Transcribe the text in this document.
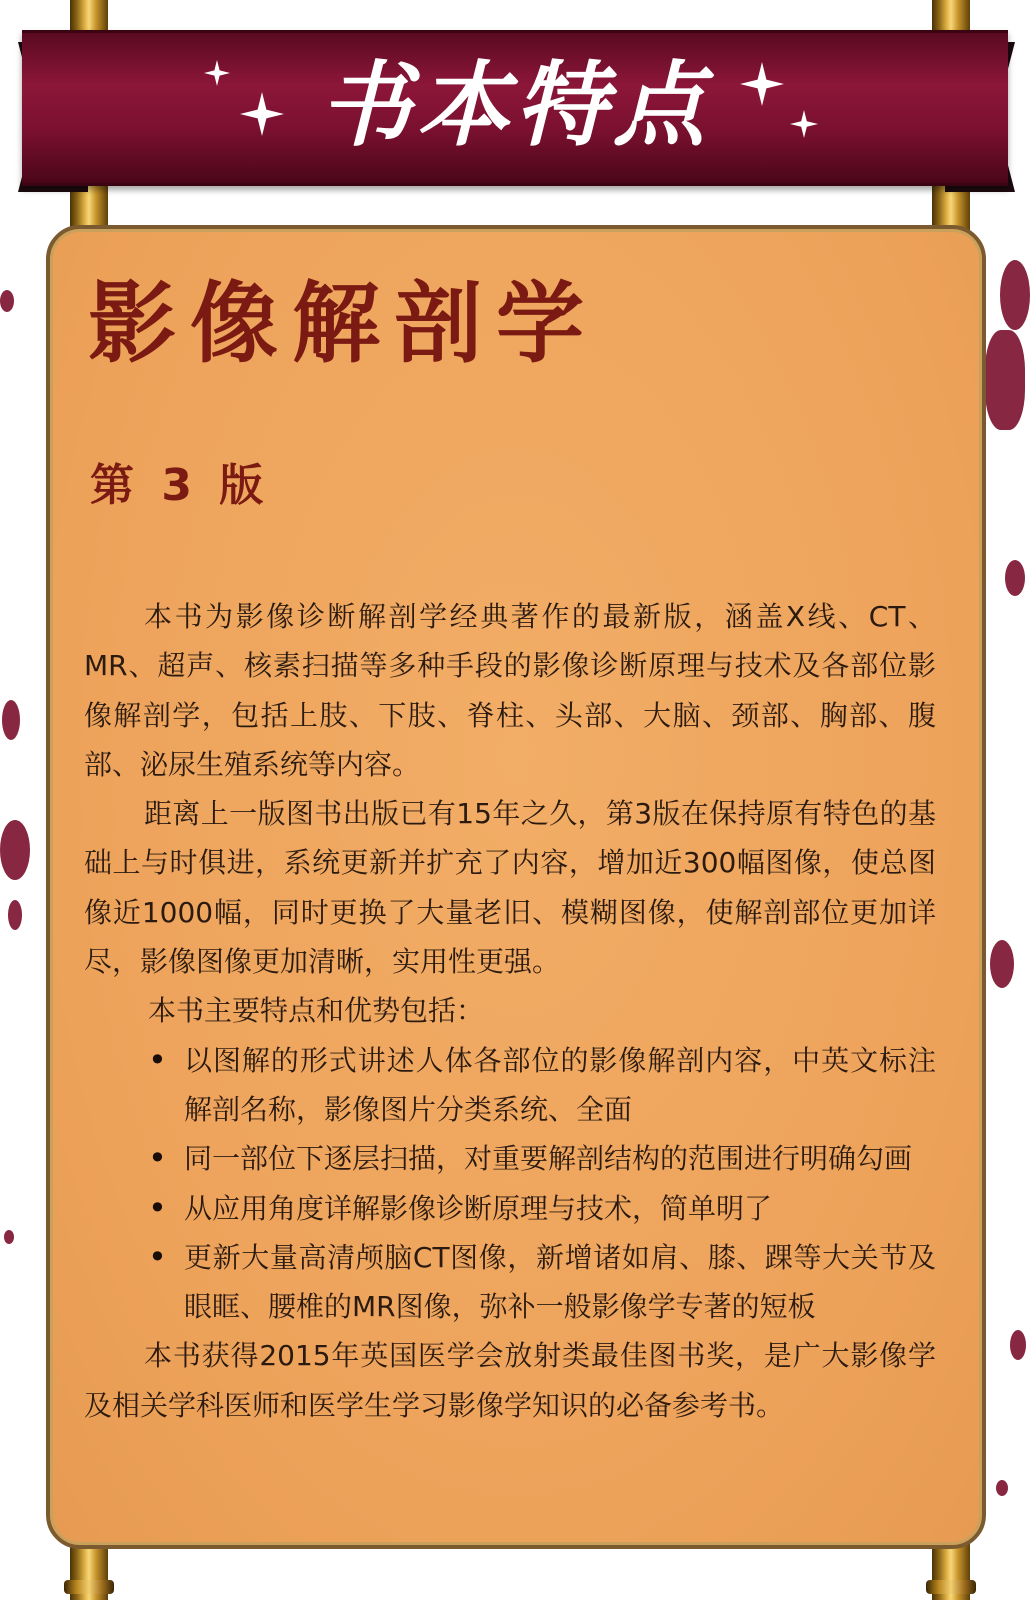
书本特点
影像解剖学
第 3 版

本书为影像诊断解剖学经典著作的最新版，涵盖X线、CT、MR、超声、核素扫描等多种手段的影像诊断原理与技术及各部位影像解剖学，包括上肢、下肢、脊柱、头部、大脑、颈部、胸部、腹部、泌尿生殖系统等内容。

距离上一版图书出版已有15年之久，第3版在保持原有特色的基础上与时俱进，系统更新并扩充了内容，增加近300幅图像，使总图像近1000幅，同时更换了大量老旧、模糊图像，使解剖部位更加详尽，影像图像更加清晰，实用性更强。

本书主要特点和优势包括：

• 以图解的形式讲述人体各部位的影像解剖内容，中英文标注解剖名称，影像图片分类系统、全面
• 同一部位下逐层扫描，对重要解剖结构的范围进行明确勾画
• 从应用角度详解影像诊断原理与技术，简单明了
• 更新大量高清颅脑CT图像，新增诸如肩、膝、踝等大关节及眼眶、腰椎的MR图像，弥补一般影像学专著的短板

本书获得2015年英国医学会放射类最佳图书奖，是广大影像学及相关学科医师和医学生学习影像学知识的必备参考书。
